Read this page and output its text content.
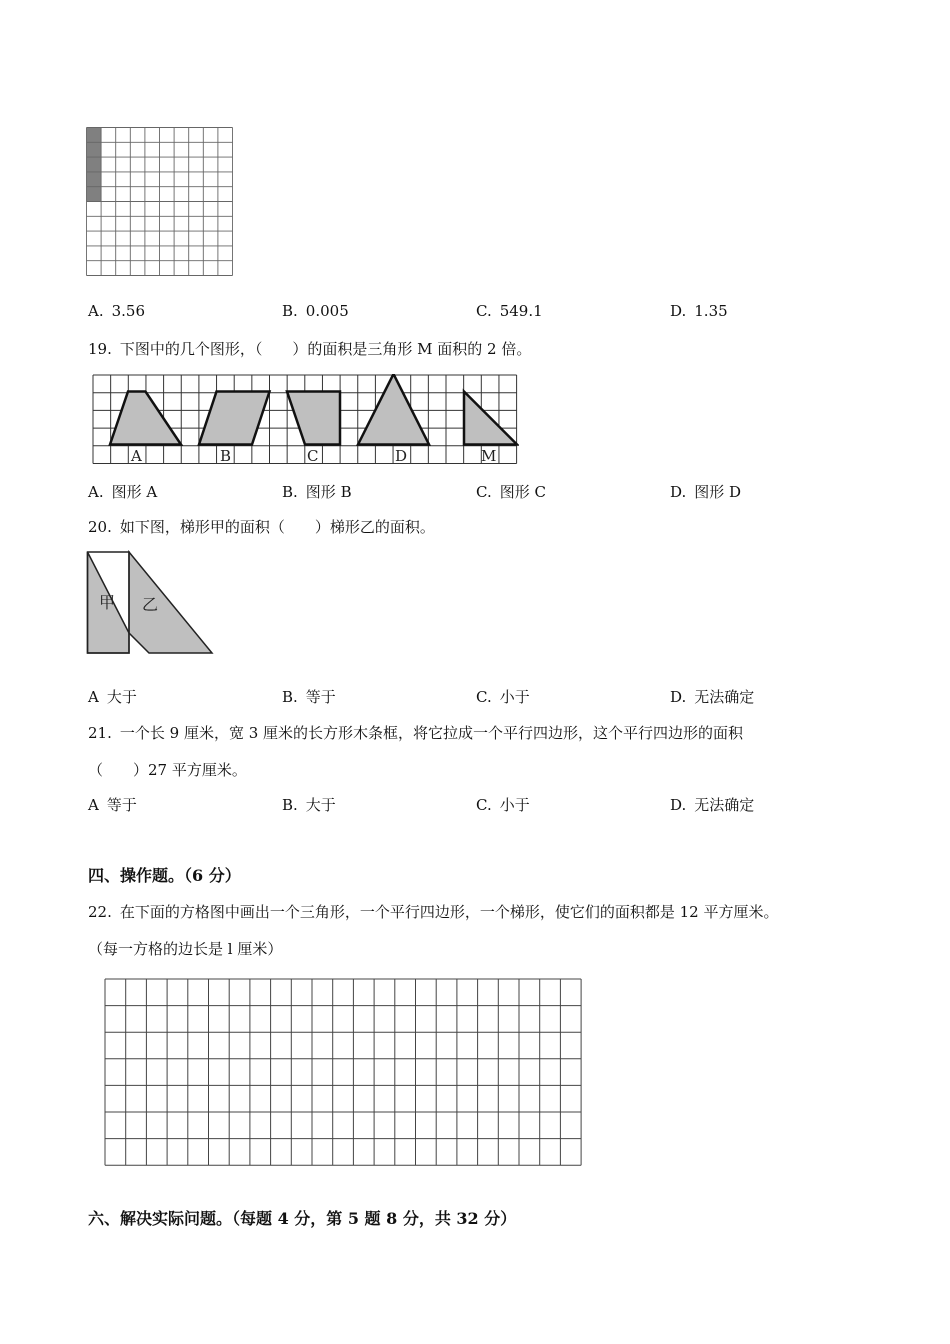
A. 3.56	B. 0.005	C. 549.1	D. 1.35
19. 下图中的几个图形，（　　）的面积是三角形 M 面积的 2 倍。
A	B	C	D	M
A. 图形 A	B. 图形 B	C. 图形 C	D. 图形 D
20. 如下图，梯形甲的面积（　　）梯形乙的面积。
甲 乙
A 大于	B. 等于	C. 小于	D. 无法确定
21. 一个长 9 厘米，宽 3 厘米的长方形木条框，将它拉成一个平行四边形，这个平行四边形的面积
（　　）27 平方厘米。
A 等于	B. 大于	C. 小于	D. 无法确定
四、操作题。（6 分）
22. 在下面的方格图中画出一个三角形，一个平行四边形，一个梯形，使它们的面积都是 12 平方厘米。
（每一方格的边长是 l 厘米）
六、解决实际问题。（每题 4 分，第 5 题 8 分，共 32 分）
